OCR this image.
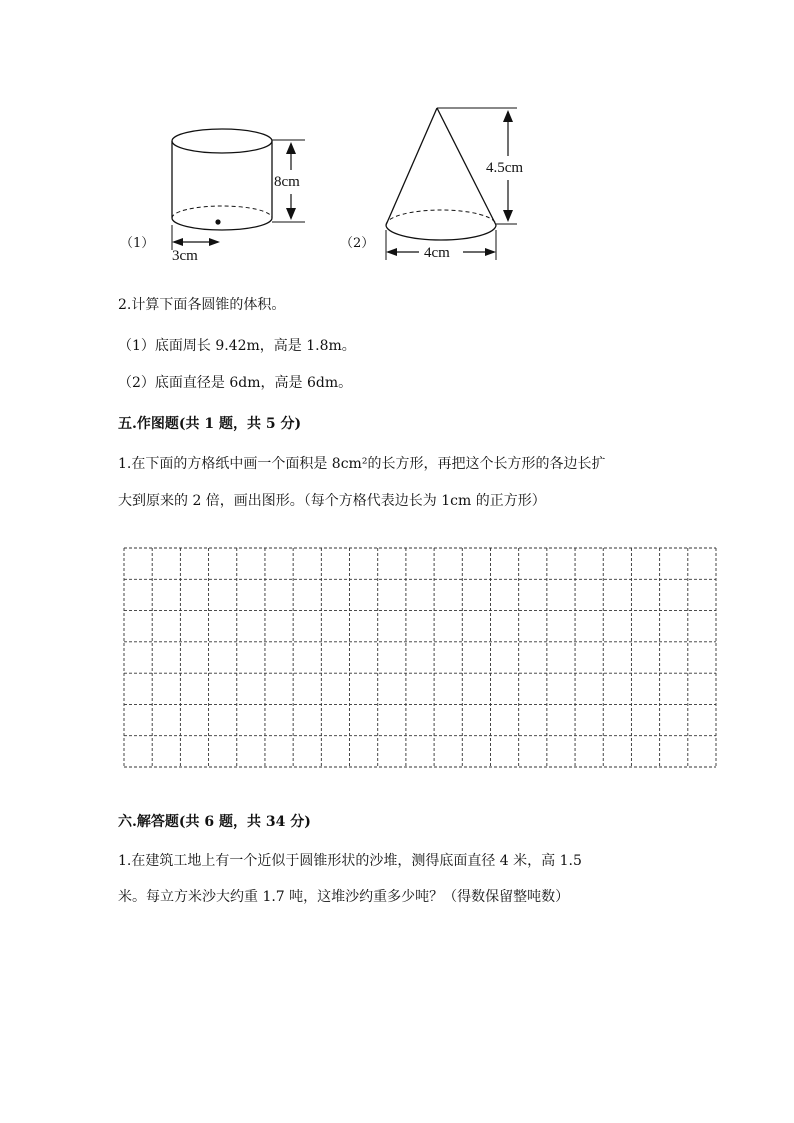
（1）
8cm
3cm
（2）
4.5cm
4cm
2.计算下面各圆锥的体积。
（1）底面周长 9.42m，高是 1.8m。
（2）底面直径是 6dm，高是 6dm。
五.作图题(共 1 题，共 5 分)
1.在下面的方格纸中画一个面积是 8cm²的长方形，再把这个长方形的各边长扩
大到原来的 2 倍，画出图形。（每个方格代表边长为 1cm 的正方形）
六.解答题(共 6 题，共 34 分)
1.在建筑工地上有一个近似于圆锥形状的沙堆，测得底面直径 4 米，高 1.5
米。每立方米沙大约重 1.7 吨，这堆沙约重多少吨？（得数保留整吨数）
